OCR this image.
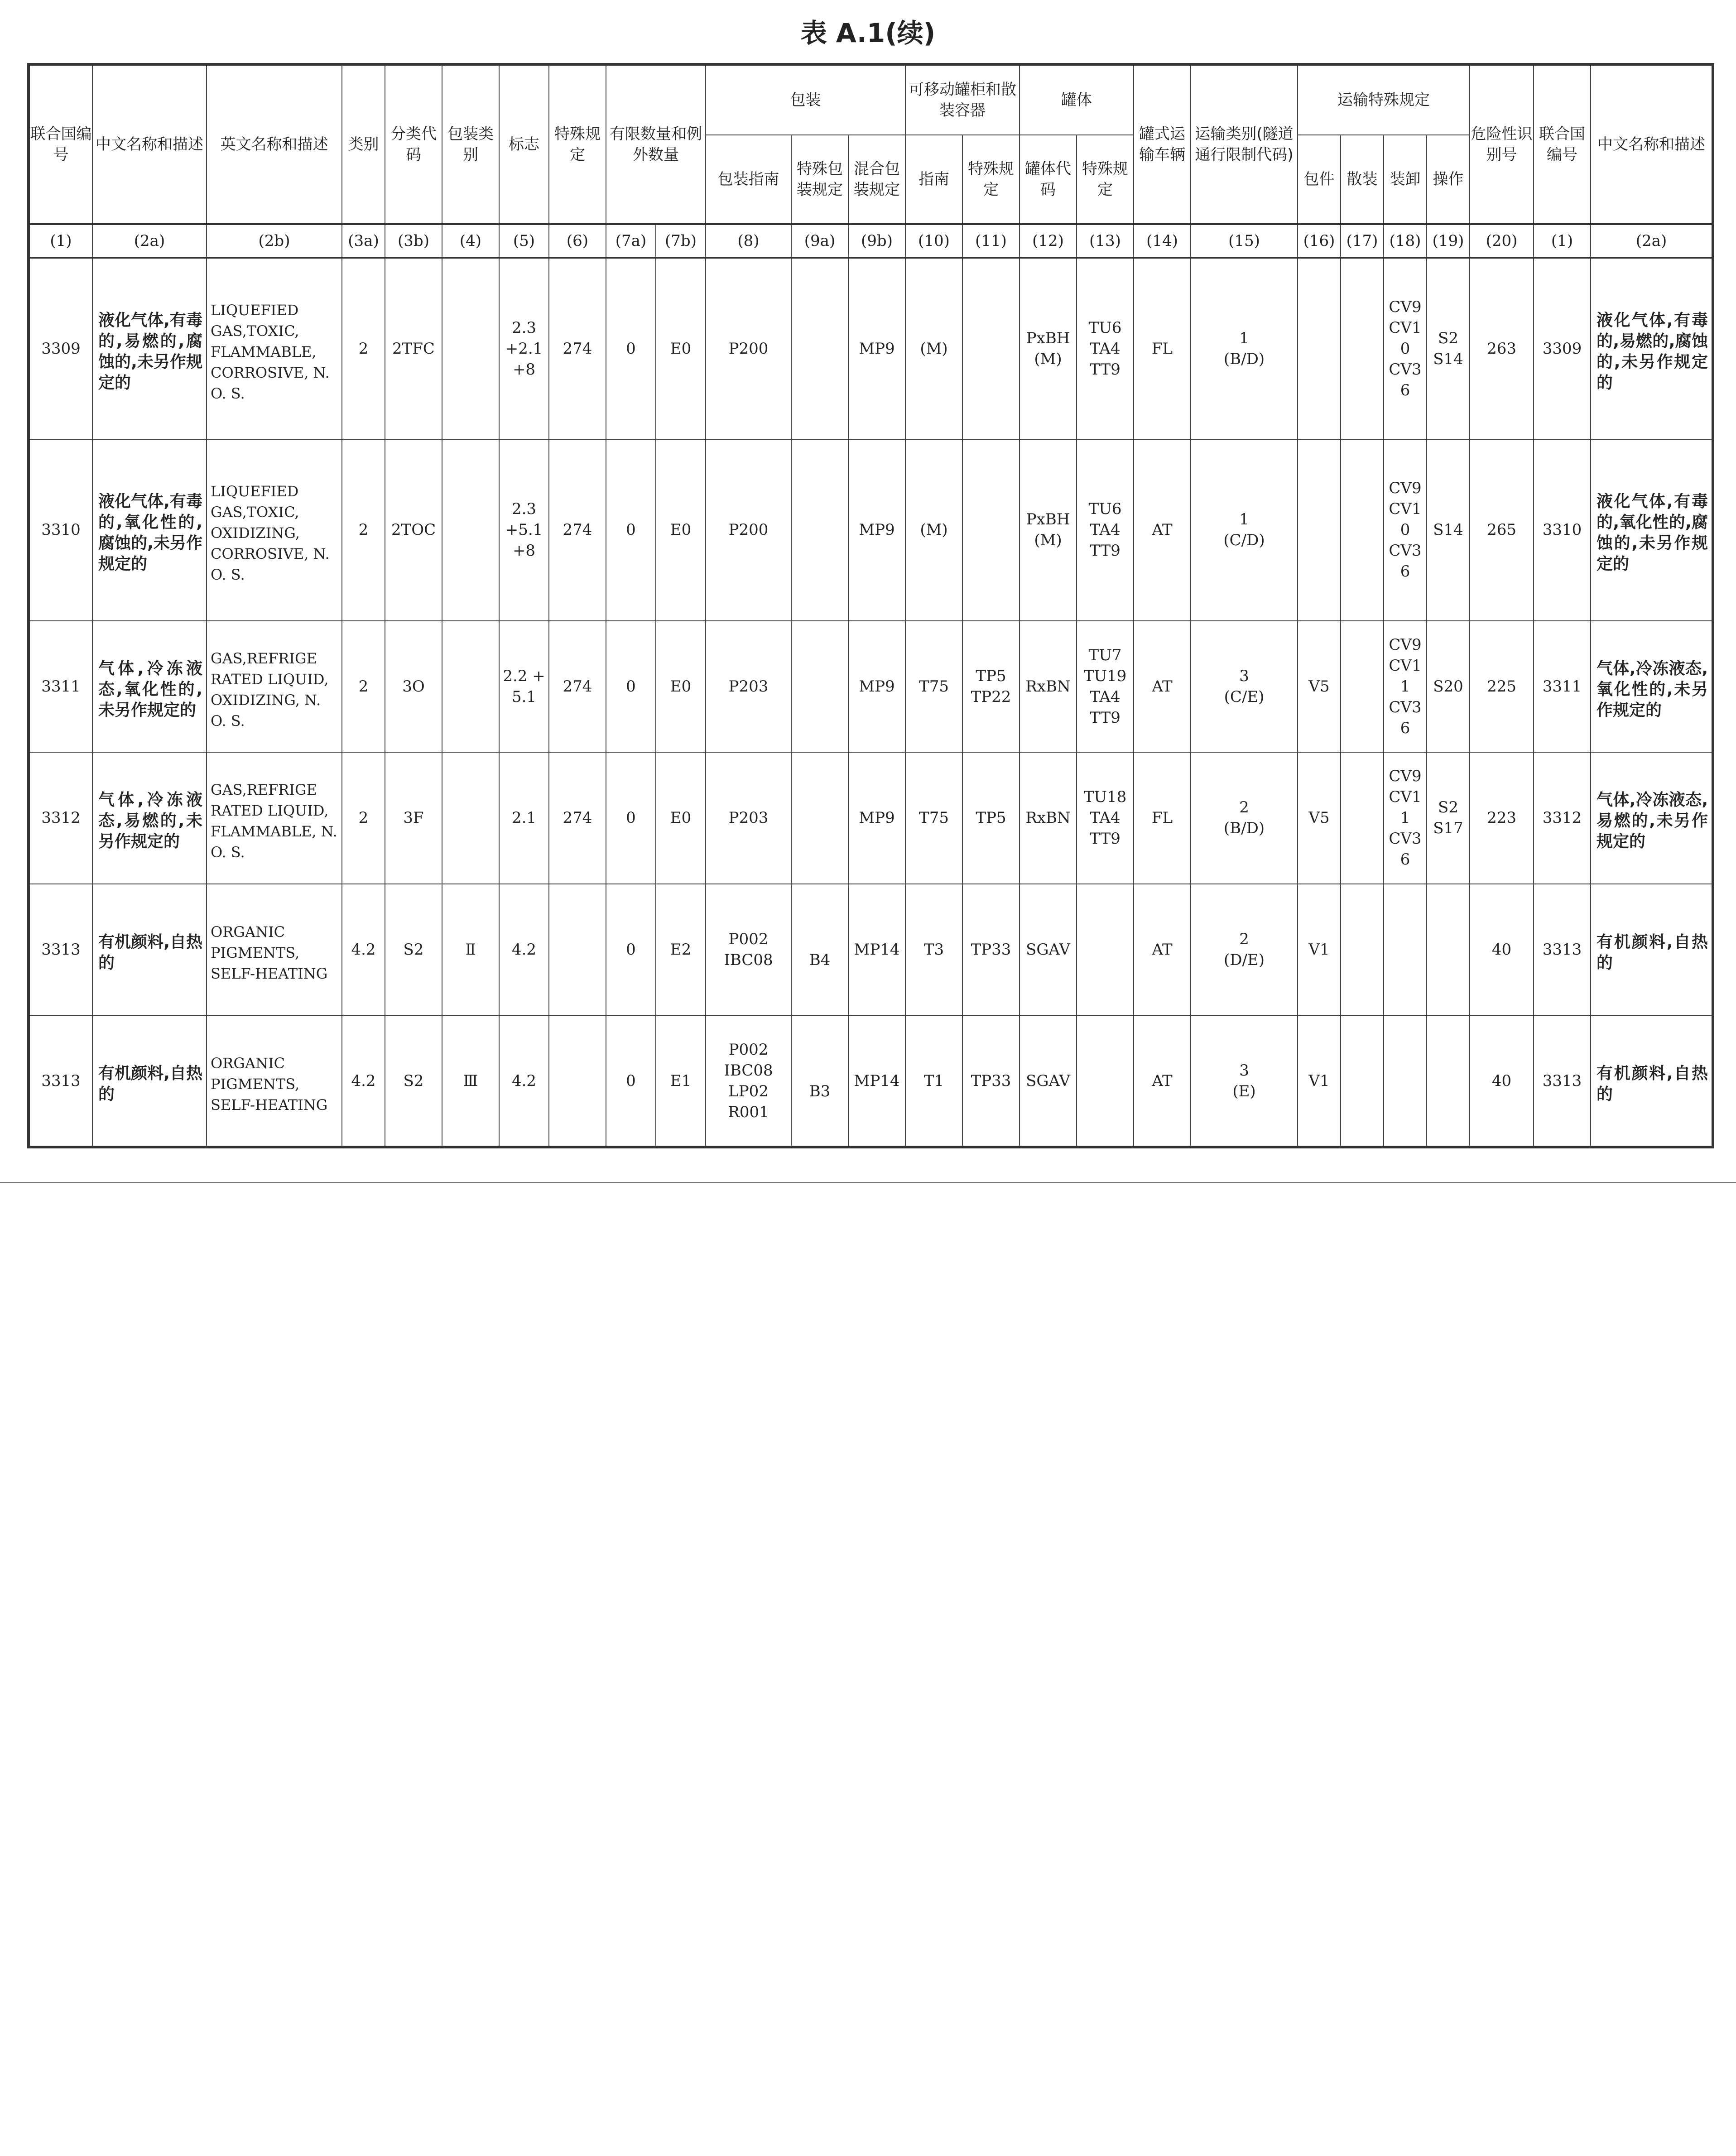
表 A.1(续)
联合国编号	中文名称和描述	英文名称和描述	类别	分类代码	包装类别	标志	特殊规定	有限数量和例外数量		包装			可移动罐柜和散装容器		罐体		罐式运输车辆	运输类别(隧道通行限制代码)	运输特殊规定				危险性识别号	联合国编号	中文名称和描述
										包装指南	特殊包装规定	混合包装规定	指南	特殊规定	罐体代码	特殊规定			包件	散装	装卸	操作			
(1)	(2a)	(2b)	(3a)	(3b)	(4)	(5)	(6)	(7a)	(7b)	(8)	(9a)	(9b)	(10)	(11)	(12)	(13)	(14)	(15)	(16)	(17)	(18)	(19)	(20)	(1)	(2a)
3309	液化气体,有毒的,易燃的,腐蚀的,未另作规定的	LIQUEFIED GAS,TOXIC, FLAMMABLE, CORROSIVE, N. O. S.	2	2TFC		2.3
+2.1
+8	274	0	E0	P200		MP9	(M)		PxBH
(M)	TU6
TA4
TT9	FL	1
(B/D)			CV9
CV10
CV36	S2
S14	263	3309	液化气体,有毒的,易燃的,腐蚀的,未另作规定的
3310	液化气体,有毒的,氧化性的,腐蚀的,未另作规定的	LIQUEFIED GAS,TOXIC, OXIDIZING, CORROSIVE, N. O. S.	2	2TOC		2.3
+5.1
+8	274	0	E0	P200		MP9	(M)		PxBH
(M)	TU6
TA4
TT9	AT	1
(C/D)			CV9
CV10
CV36	S14	265	3310	液化气体,有毒的,氧化性的,腐蚀的,未另作规定的
3311	气体,冷冻液态,氧化性的,未另作规定的	GAS,REFRIGE RATED LIQUID, OXIDIZING, N. O. S.	2	3O		2.2 +
5.1	274	0	E0	P203		MP9	T75	TP5
TP22	RxBN	TU7
TU19
TA4
TT9	AT	3
(C/E)	V5		CV9
CV11
CV36	S20	225	3311	气体,冷冻液态,氧化性的,未另作规定的
3312	气体,冷冻液态,易燃的,未另作规定的	GAS,REFRIGE RATED LIQUID, FLAMMABLE, N. O. S.	2	3F		2.1	274	0	E0	P203		MP9	T75	TP5	RxBN	TU18
TA4
TT9	FL	2
(B/D)	V5		CV9
CV11
CV36	S2
S17	223	3312	气体,冷冻液态,易燃的,未另作规定的
3313	有机颜料,自热的	ORGANIC PIGMENTS, SELF-HEATING	4.2	S2	Ⅱ	4.2		0	E2	P002
IBC08	
B4	MP14	T3	TP33	SGAV		AT	2
(D/E)	V1				40	3313	有机颜料,自热的
3313	有机颜料,自热的	ORGANIC PIGMENTS, SELF-HEATING	4.2	S2	Ⅲ	4.2		0	E1	P002
IBC08
LP02
R001	
B3	MP14	T1	TP33	SGAV		AT	3
(E)	V1				40	3313	有机颜料,自热的
